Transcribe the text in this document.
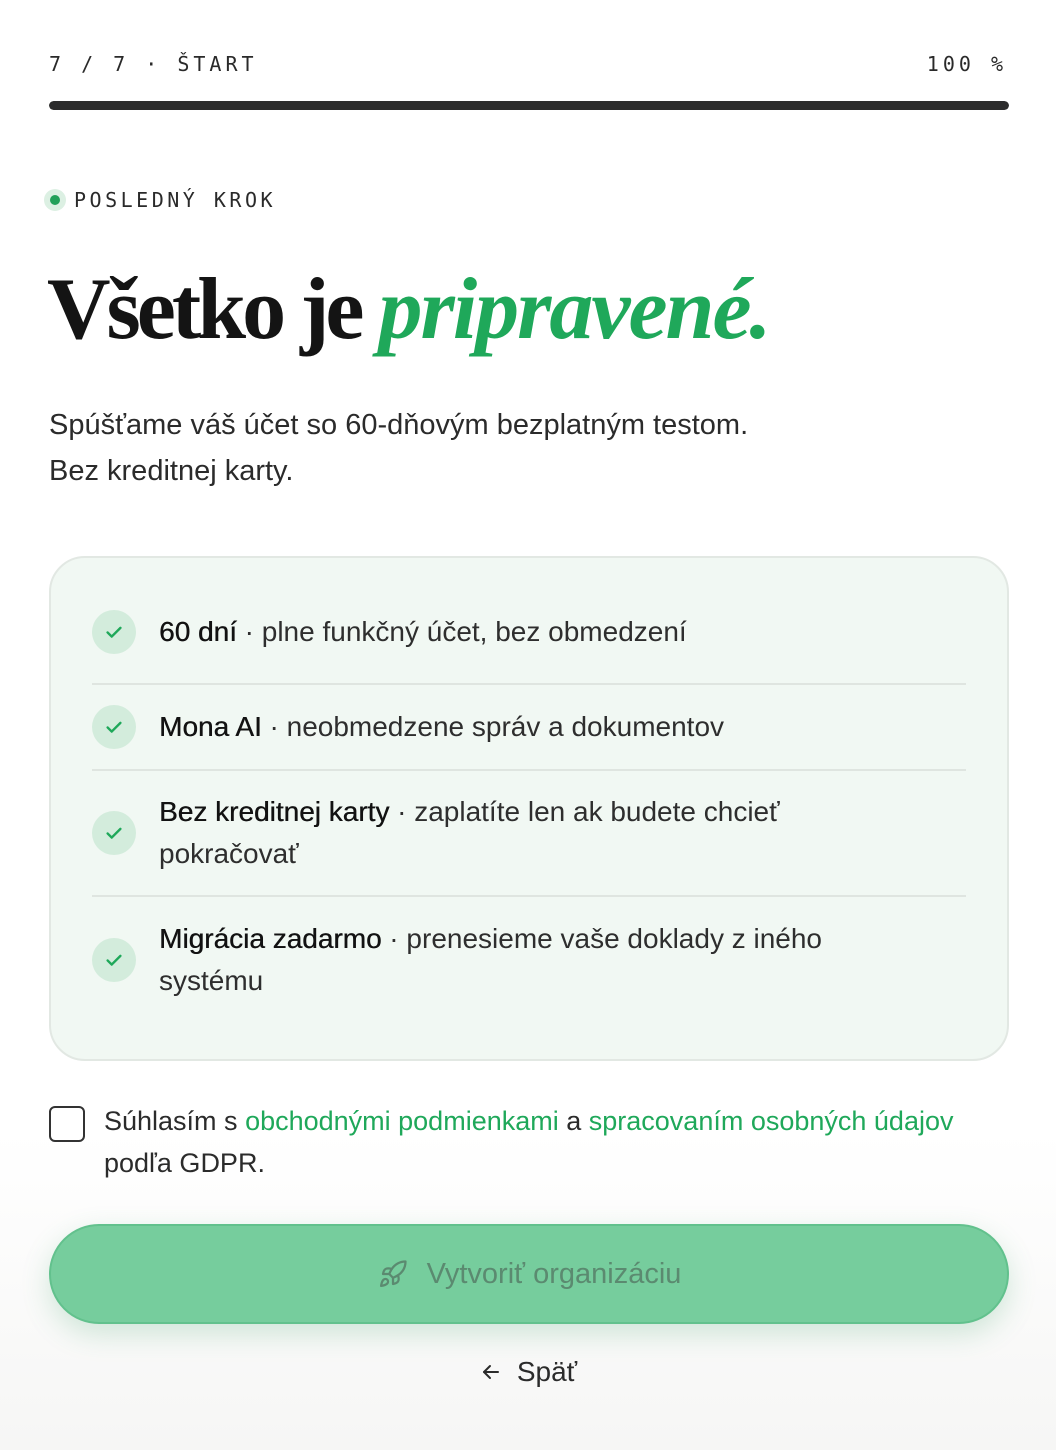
7 / 7 · ŠTART	100 %
POSLEDNÝ KROK
Všetko je pripravené.
Spúšťame váš účet so 60-dňovým bezplatným testom.
Bez kreditnej karty.
60 dní · plne funkčný účet, bez obmedzení
Mona AI · neobmedzene správ a dokumentov
Bez kreditnej karty · zaplatíte len ak budete chcieť pokračovať
Migrácia zadarmo · prenesieme vaše doklady z iného systému
Súhlasím s obchodnými podmienkami a spracovaním osobných údajov podľa GDPR.
Vytvoriť organizáciu
Späť
